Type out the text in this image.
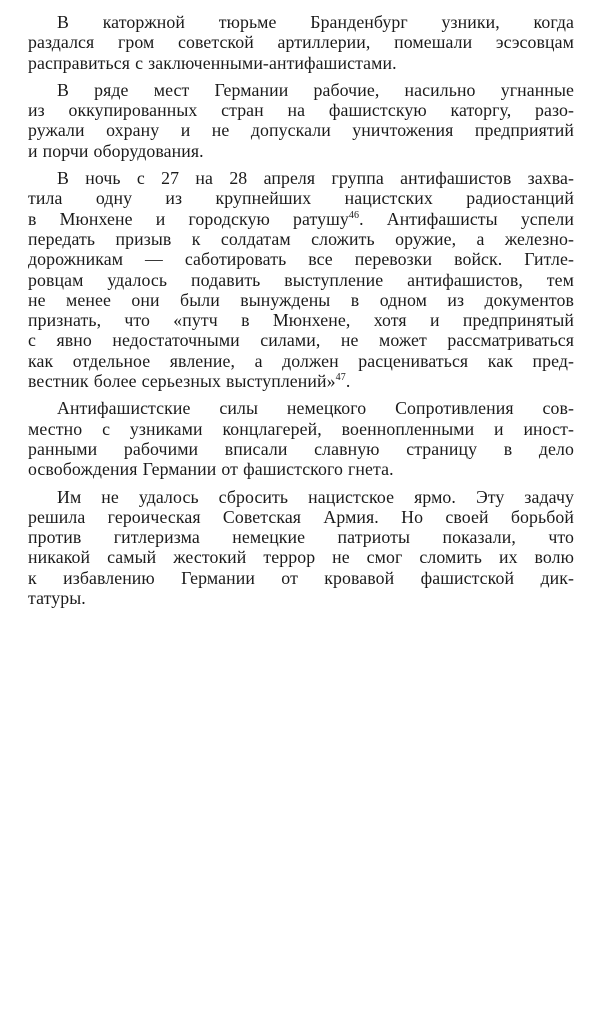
В каторжной тюрьме Бранденбург узники, когда
раздался гром советской артиллерии, помешали эсэсовцам
расправиться с заключенными-антифашистами.
В ряде мест Германии рабочие, насильно угнанные
из оккупированных стран на фашистскую каторгу, разо-
ружали охрану и не допускали уничтожения предприятий
и порчи оборудования.
В ночь с 27 на 28 апреля группа антифашистов захва-
тила одну из крупнейших нацистских радиостанций
в Мюнхене и городскую ратушу$^{46}$. Антифашисты успели
передать призыв к солдатам сложить оружие, а железно-
дорожникам — саботировать все перевозки войск. Гитле-
ровцам удалось подавить выступление антифашистов, тем
не менее они были вынуждены в одном из документов
признать, что «путч в Мюнхене, хотя и предпринятый
с явно недостаточными силами, не может рассматриваться
как отдельное явление, а должен расцениваться как пред-
вестник более серьезных выступлений»$^{47}$.
Антифашистские силы немецкого Сопротивления сов-
местно с узниками концлагерей, военнопленными и иност-
ранными рабочими вписали славную страницу в дело
освобождения Германии от фашистского гнета.
Им не удалось сбросить нацистское ярмо. Эту задачу
решила героическая Советская Армия. Но своей борьбой
против гитлеризма немецкие патриоты показали, что
никакой самый жестокий террор не смог сломить их волю
к избавлению Германии от кровавой фашистской дик-
татуры.
